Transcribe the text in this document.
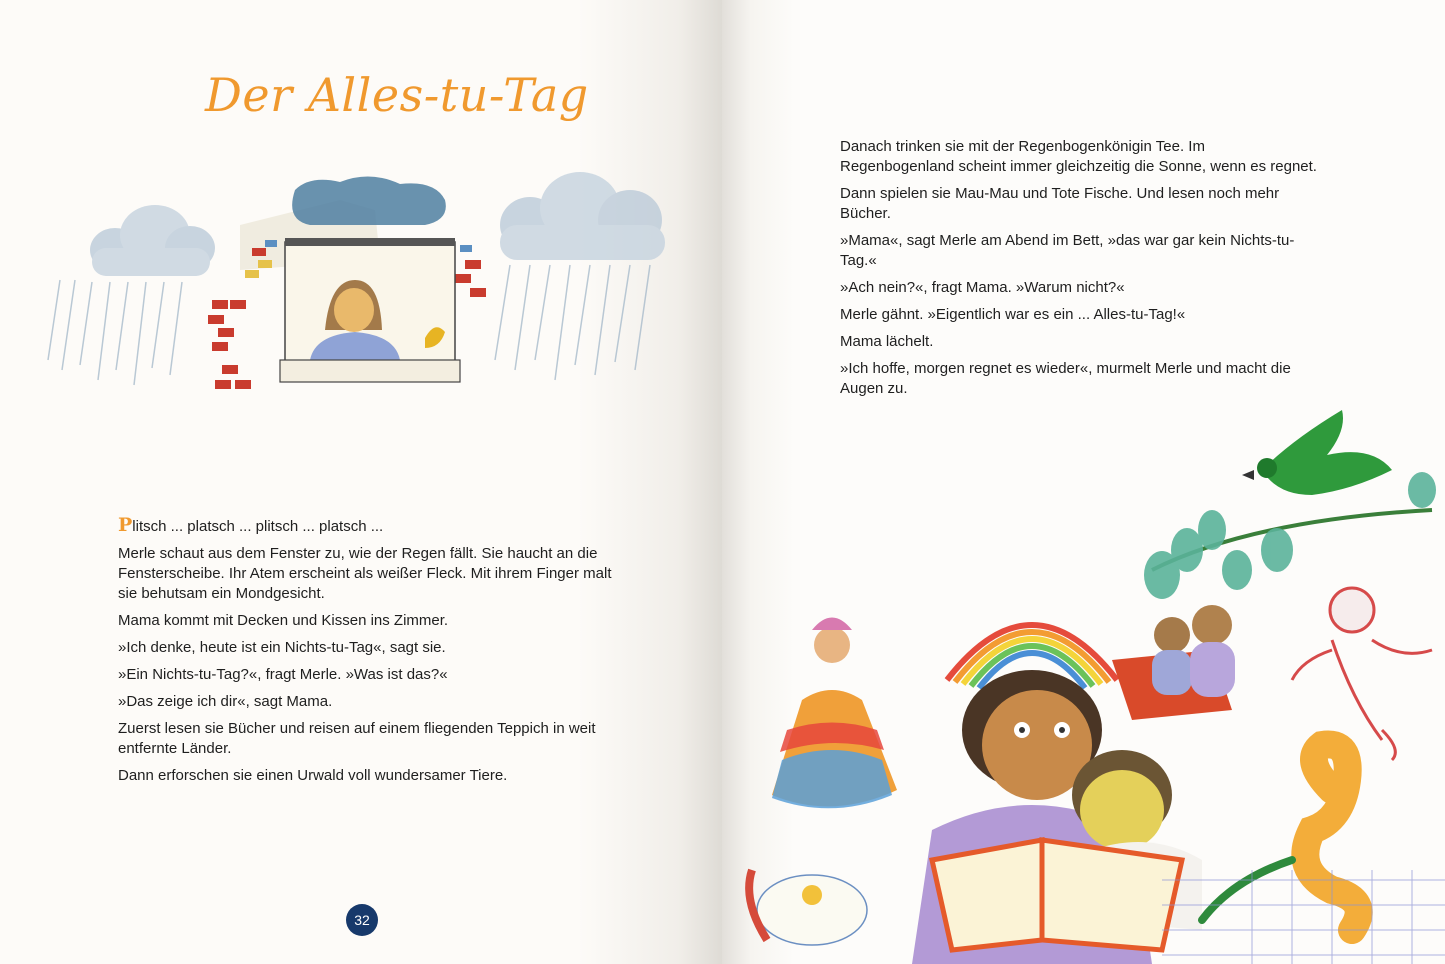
Der Alles-tu-Tag

Plitsch ... platsch ... plitsch ... platsch ...

Merle schaut aus dem Fenster zu, wie der Regen fällt. Sie haucht an die Fensterscheibe. Ihr Atem erscheint als weißer Fleck. Mit ihrem Finger malt sie behutsam ein Mondgesicht.

Mama kommt mit Decken und Kissen ins Zimmer.

»Ich denke, heute ist ein Nichts-tu-Tag«, sagt sie.

»Ein Nichts-tu-Tag?«, fragt Merle. »Was ist das?«

»Das zeige ich dir«, sagt Mama.

Zuerst lesen sie Bücher und reisen auf einem fliegenden Teppich in weit entfernte Länder.

Dann erforschen sie einen Urwald voll wundersamer Tiere.

32

Danach trinken sie mit der Regenbogenkönigin Tee. Im Regenbogenland scheint immer gleichzeitig die Sonne, wenn es regnet.

Dann spielen sie Mau-Mau und Tote Fische. Und lesen noch mehr Bücher.

»Mama«, sagt Merle am Abend im Bett, »das war gar kein Nichts-tu-Tag.«

»Ach nein?«, fragt Mama. »Warum nicht?«

Merle gähnt. »Eigentlich war es ein ... Alles-tu-Tag!«

Mama lächelt.

»Ich hoffe, morgen regnet es wieder«, murmelt Merle und macht die Augen zu.
